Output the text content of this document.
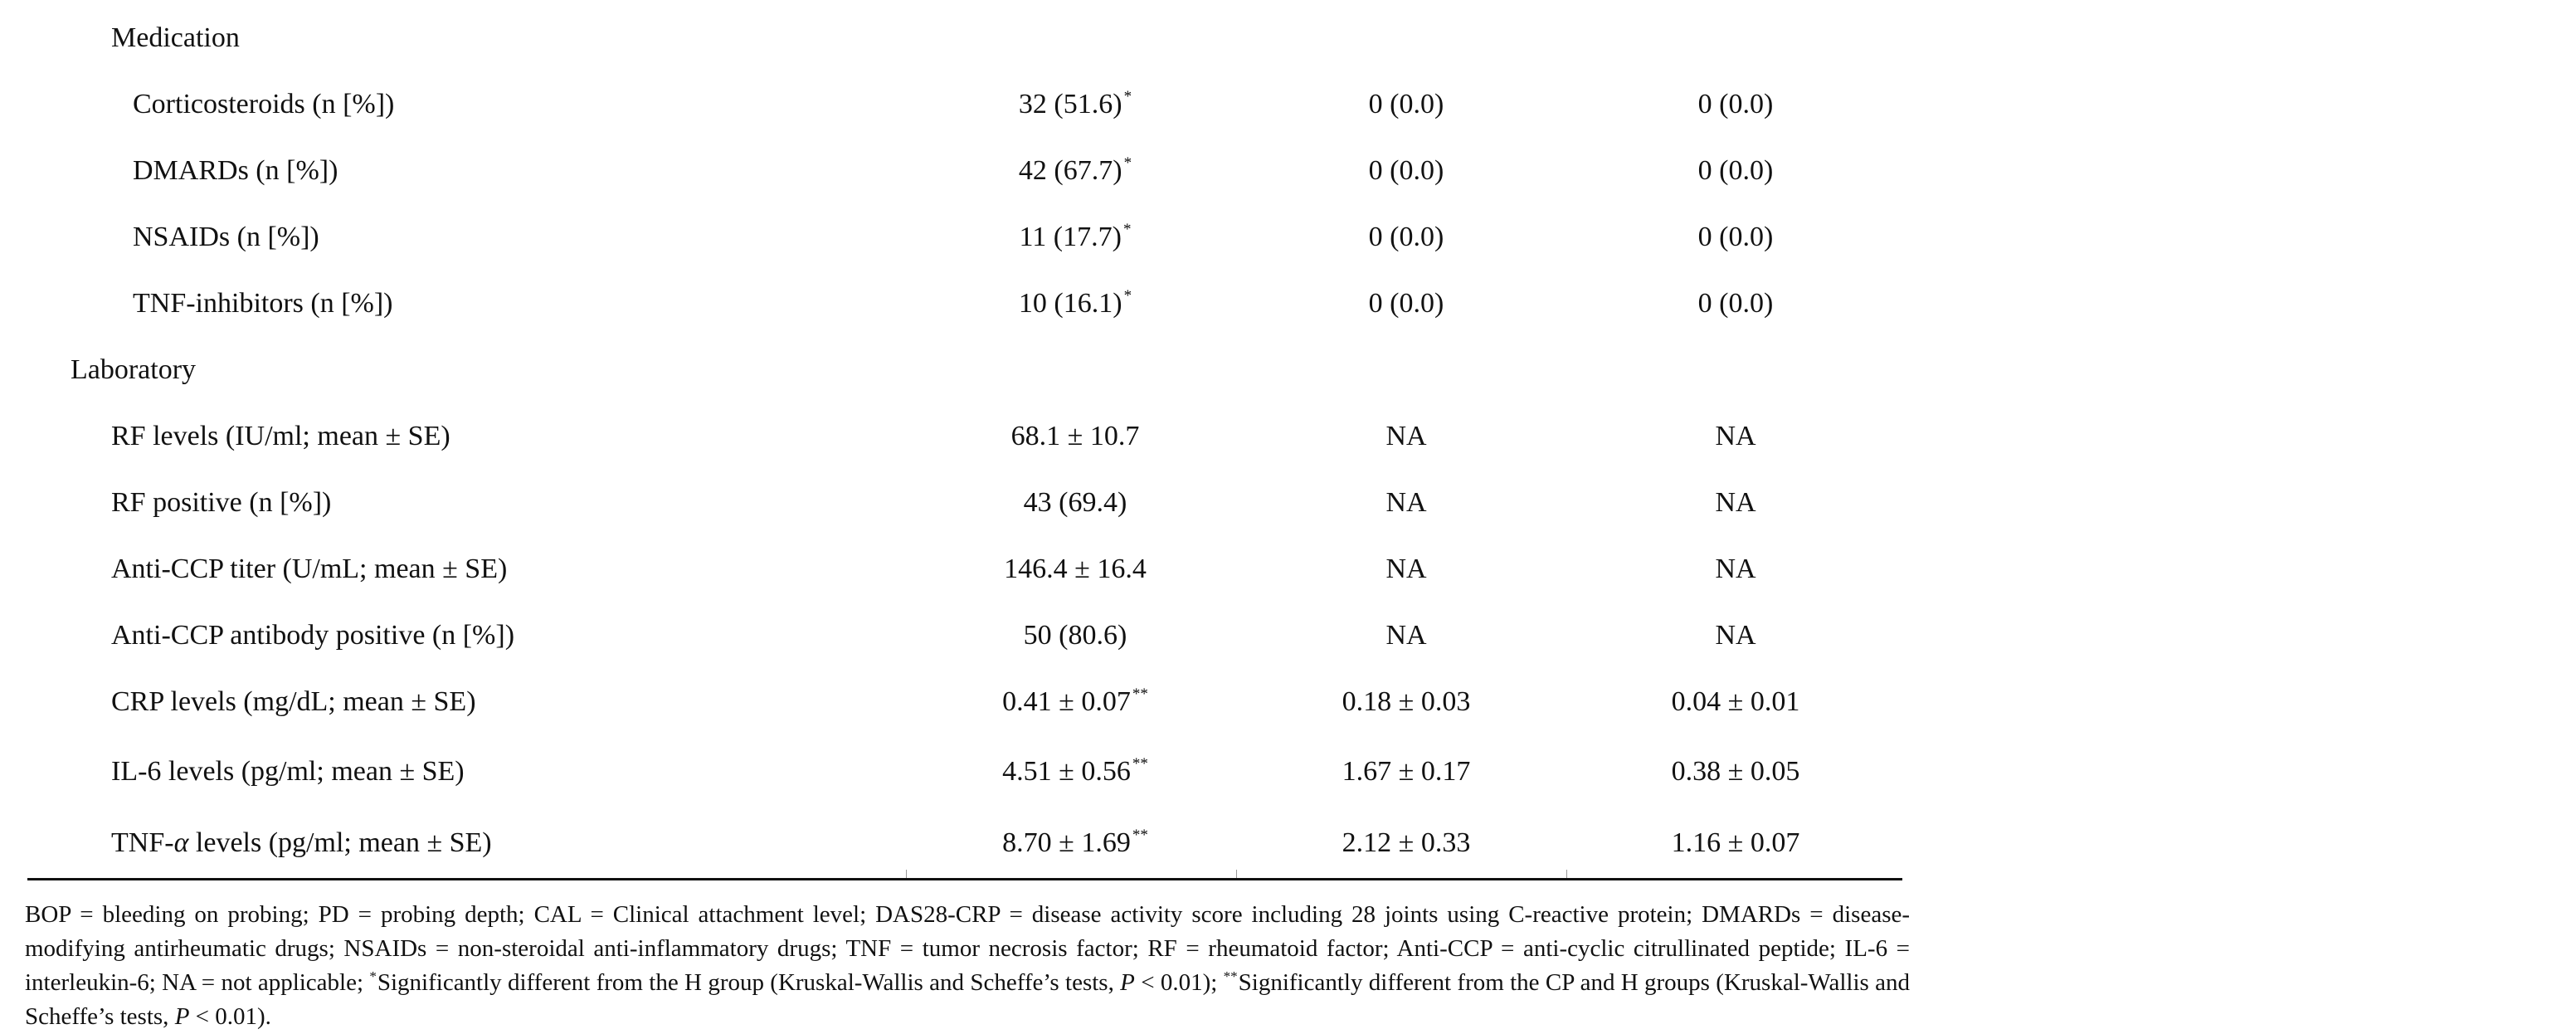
Medication
Corticosteroids (n [%])	32 (51.6) *	0 (0.0)	0 (0.0)
DMARDs (n [%])	42 (67.7) *	0 (0.0)	0 (0.0)
NSAIDs (n [%])	11 (17.7) *	0 (0.0)	0 (0.0)
TNF-inhibitors (n [%])	10 (16.1) *	0 (0.0)	0 (0.0)
Laboratory
RF levels (IU/ml; mean ± SE)	68.1 ± 10.7	NA	NA
RF positive (n [%])	43 (69.4)	NA	NA
Anti-CCP titer (U/mL; mean ± SE)	146.4 ± 16.4	NA	NA
Anti-CCP antibody positive (n [%])	50 (80.6)	NA	NA
CRP levels (mg/dL; mean ± SE)	0.41 ± 0.07 **	0.18 ± 0.03	0.04 ± 0.01
IL-6 levels (pg/ml; mean ± SE)	4.51 ± 0.56 **	1.67 ± 0.17	0.38 ± 0.05
TNF-α levels (pg/ml; mean ± SE)	8.70 ± 1.69 **	2.12 ± 0.33	1.16 ± 0.07
BOP = bleeding on probing; PD = probing depth; CAL = Clinical attachment level; DAS28-CRP = disease activity score including 28 joints using C-reactive protein; DMARDs = disease-modifying antirheumatic drugs; NSAIDs = non-steroidal anti-inflammatory drugs; TNF = tumor necrosis factor; RF = rheumatoid factor; Anti-CCP = anti-cyclic citrullinated peptide; IL-6 = interleukin-6; NA = not applicable; *Significantly different from the H group (Kruskal-Wallis and Scheffe’s tests, P < 0.01); **Significantly different from the CP and H groups (Kruskal-Wallis and Scheffe’s tests, P < 0.01).
